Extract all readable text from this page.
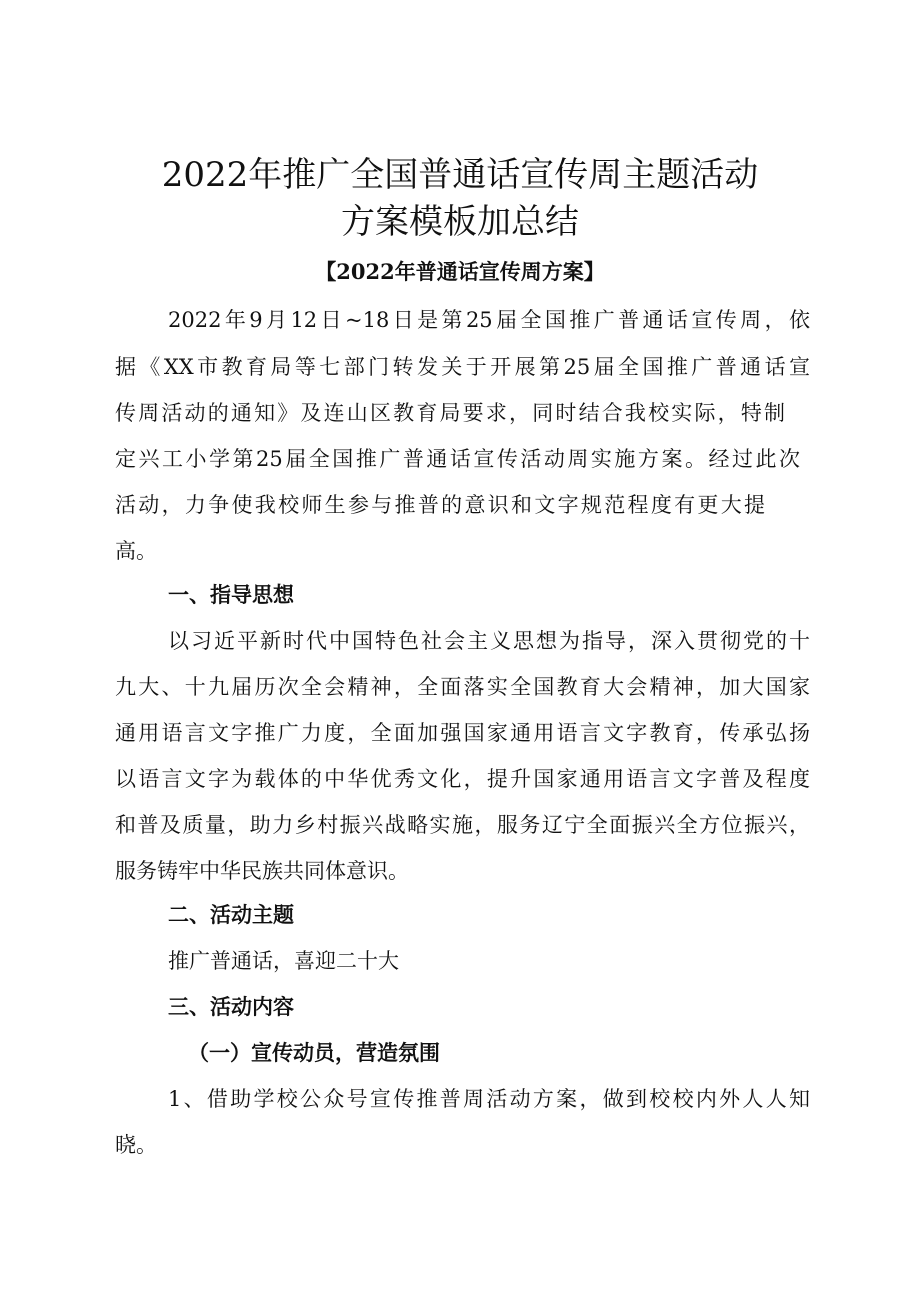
2022年推广全国普通话宣传周主题活动
方案模板加总结
【2022年普通话宣传周方案】
2022年9月12日~18日是第25届全国推广普通话宣传周，依
据《XX市教育局等七部门转发关于开展第25届全国推广普通话宣
传周活动的通知》及连山区教育局要求，同时结合我校实际，特制
定兴工小学第25届全国推广普通话宣传活动周实施方案。经过此次
活动，力争使我校师生参与推普的意识和文字规范程度有更大提
高。
一、指导思想
以习近平新时代中国特色社会主义思想为指导，深入贯彻党的十
九大、十九届历次全会精神，全面落实全国教育大会精神，加大国家
通用语言文字推广力度，全面加强国家通用语言文字教育，传承弘扬
以语言文字为载体的中华优秀文化，提升国家通用语言文字普及程度
和普及质量，助力乡村振兴战略实施，服务辽宁全面振兴全方位振兴，
服务铸牢中华民族共同体意识。
二、活动主题
推广普通话，喜迎二十大
三、活动内容
（一）宣传动员，营造氛围
1、借助学校公众号宣传推普周活动方案，做到校校内外人人知
晓。
